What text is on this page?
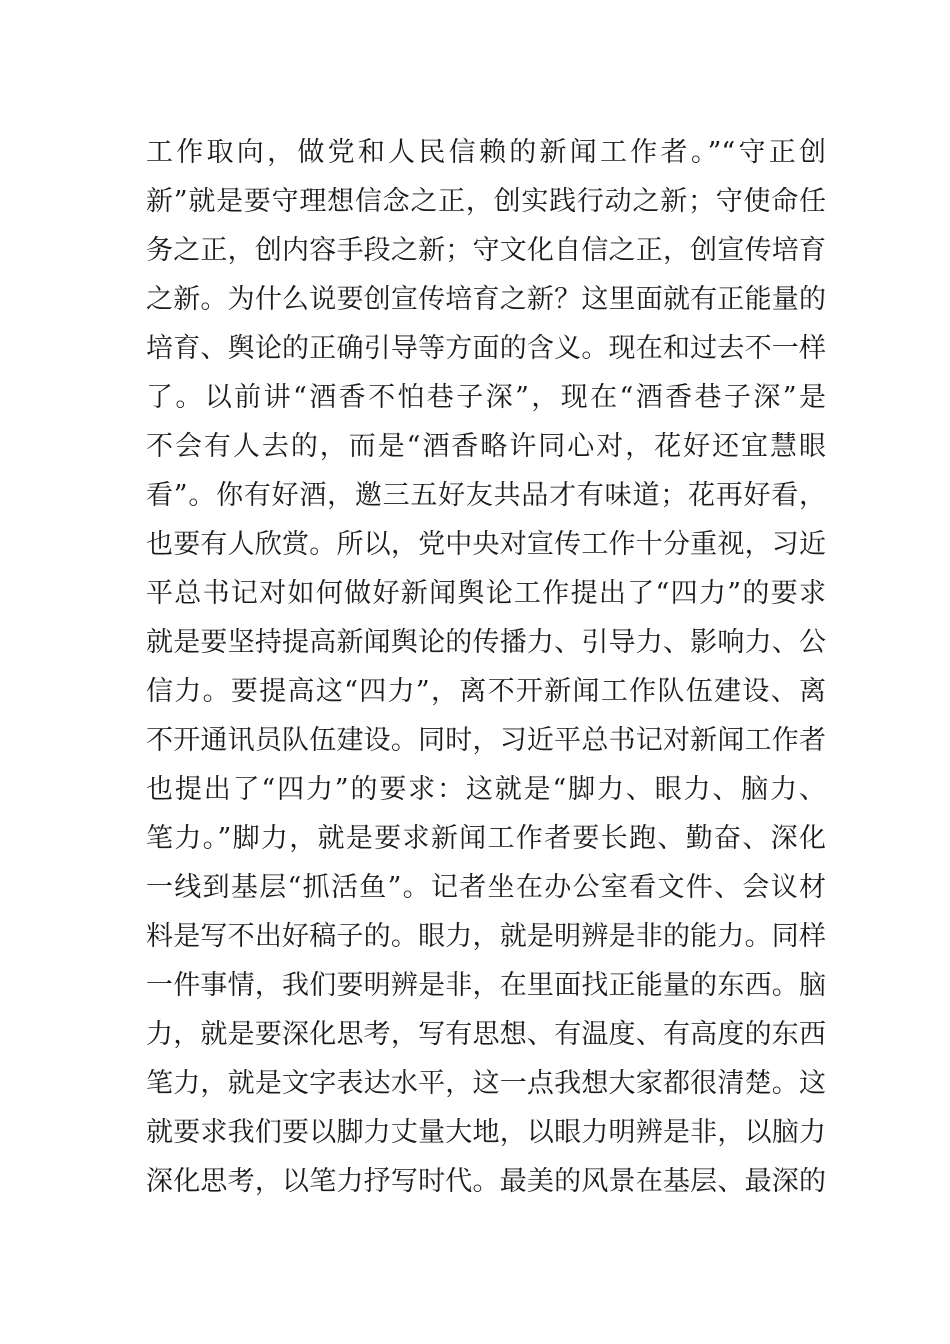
工作取向，做党和人民信赖的新闻工作者。”“守正创
新”就是要守理想信念之正，创实践行动之新；守使命任
务之正，创内容手段之新；守文化自信之正，创宣传培育
之新。为什么说要创宣传培育之新？这里面就有正能量的
培育、舆论的正确引导等方面的含义。现在和过去不一样
了。以前讲“酒香不怕巷子深”，现在“酒香巷子深”是
不会有人去的，而是“酒香略许同心对，花好还宜慧眼
看”。你有好酒，邀三五好友共品才有味道；花再好看，
也要有人欣赏。所以，党中央对宣传工作十分重视，习近
平总书记对如何做好新闻舆论工作提出了“四力”的要求
就是要坚持提高新闻舆论的传播力、引导力、影响力、公
信力。要提高这“四力”，离不开新闻工作队伍建设、离
不开通讯员队伍建设。同时，习近平总书记对新闻工作者
也提出了“四力”的要求：这就是“脚力、眼力、脑力、
笔力。”脚力，就是要求新闻工作者要长跑、勤奋、深化
一线到基层“抓活鱼”。记者坐在办公室看文件、会议材
料是写不出好稿子的。眼力，就是明辨是非的能力。同样
一件事情，我们要明辨是非，在里面找正能量的东西。脑
力，就是要深化思考，写有思想、有温度、有高度的东西
笔力，就是文字表达水平，这一点我想大家都很清楚。这
就要求我们要以脚力丈量大地，以眼力明辨是非，以脑力
深化思考，以笔力抒写时代。最美的风景在基层、最深的
